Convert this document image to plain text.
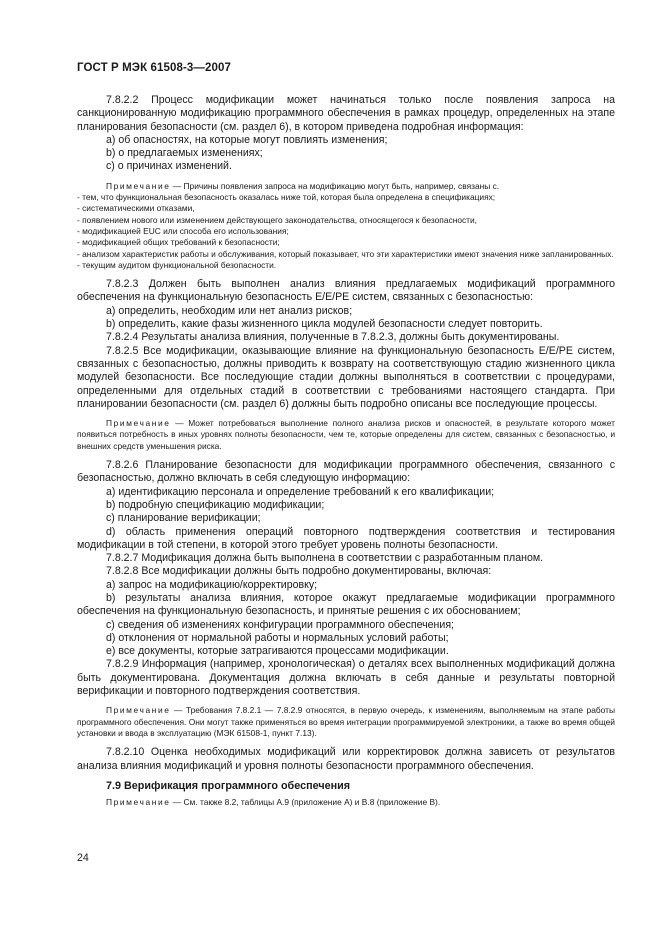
ГОСТ Р МЭК 61508-3—2007

7.8.2.2 Процесс модификации может начинаться только после появления запроса на санкционированную модификацию программного обеспечения в рамках процедур, определенных на этапе планирования безопасности (см. раздел 6), в котором приведена подробная информация:

а) об опасностях, на которые могут повлиять изменения;

b) о предлагаемых изменениях;

с) о причинах изменений.

Примечание — Причины появления запроса на модификацию могут быть, например, связаны с.

- тем, что функциональная безопасность оказалась ниже той, которая была определена в спецификациях;

- систематическими отказами,

- появлением нового или изменением действующего законодательства, относящегося к безопасности,

- модификацией EUC или способа его использования;

- модификацией общих требований к безопасности;

- анализом характеристик работы и обслуживания, который показывает, что эти характеристики имеют значения ниже запланированных.

- текущим аудитом функциональной безопасности.

7.8.2.3 Должен быть выполнен анализ влияния предлагаемых модификаций программного обеспечения на функциональную безопасность Е/Е/РЕ систем, связанных с безопасностью:

а) определить, необходим или нет анализ рисков;

b) определить, какие фазы жизненного цикла модулей безопасности следует повторить.

7.8.2.4 Результаты анализа влияния, полученные в 7.8.2.3, должны быть документированы.

7.8.2.5 Все модификации, оказывающие влияние на функциональную безопасность Е/Е/РЕ систем, связанных с безопасностью, должны приводить к возврату на соответствующую стадию жизненного цикла модулей безопасности. Все последующие стадии должны выполняться в соответствии с процедурами, определенными для отдельных стадий в соответствии с требованиями настоящего стандарта. При планировании безопасности (см. раздел 6) должны быть подробно описаны все последующие процессы.

Примечание — Может потребоваться выполнение полного анализа рисков и опасностей, в результате которого может появиться потребность в иных уровнях полноты безопасности, чем те, которые определены для систем, связанных с безопасностью, и внешних средств уменьшения риска.

7.8.2.6 Планирование безопасности для модификации программного обеспечения, связанного с безопасностью, должно включать в себя следующую информацию:

а) идентификацию персонала и определение требований к его квалификации;

b) подробную спецификацию модификации;

с) планирование верификации;

d) область применения операций повторного подтверждения соответствия и тестирования модификации в той степени, в которой этого требует уровень полноты безопасности.

7.8.2.7 Модификация должна быть выполнена в соответствии с разработанным планом.

7.8.2.8 Все модификации должны быть подробно документированы, включая:

а) запрос на модификацию/корректировку;

b) результаты анализа влияния, которое окажут предлагаемые модификации программного обеспечения на функциональную безопасность, и принятые решения с их обоснованием;

с) сведения об изменениях конфигурации программного обеспечения;

d) отклонения от нормальной работы и нормальных условий работы;

е) все документы, которые затрагиваются процессами модификации.

7.8.2.9 Информация (например, хронологическая) о деталях всех выполненных модификаций должна быть документирована. Документация должна включать в себя данные и результаты повторной верификации и повторного подтверждения соответствия.

Примечание — Требования 7.8.2.1 — 7.8.2.9 относятся, в первую очередь, к изменениям, выполняемым на этапе работы программного обеспечения. Они могут также применяться во время интеграции программируемой электроники, а также во время общей установки и ввода в эксплуатацию (МЭК 61508-1, пункт 7.13).

7.8.2.10 Оценка необходимых модификаций или корректировок должна зависеть от результатов анализа влияния модификаций и уровня полноты безопасности программного обеспечения.

7.9 Верификация программного обеспечения

Примечание — См. также 8.2, таблицы А.9 (приложение А) и В.8 (приложение В).

24
